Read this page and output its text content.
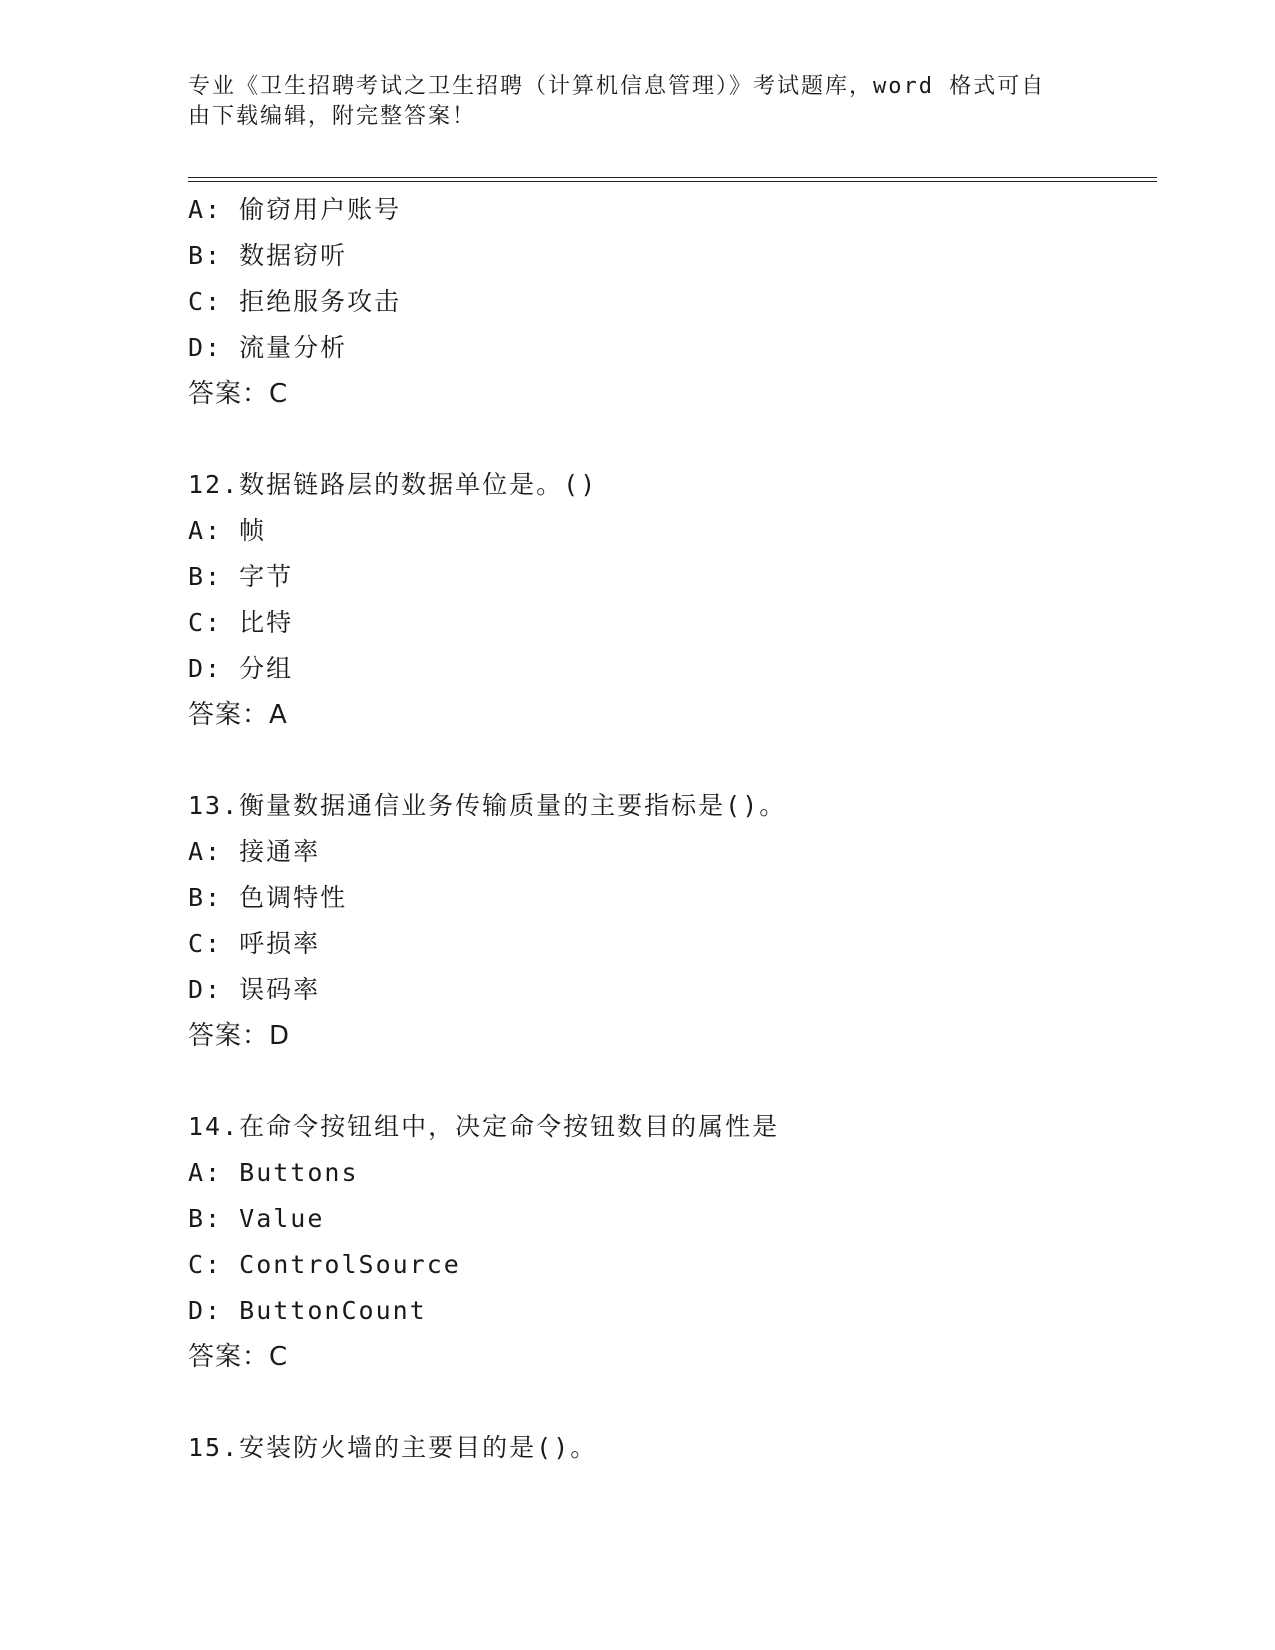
专业《卫生招聘考试之卫生招聘（计算机信息管理）》考试题库，word 格式可自

由下载编辑，附完整答案！

A: 偷窃用户账号
B: 数据窃听
C: 拒绝服务攻击
D: 流量分析
答案：C
12.数据链路层的数据单位是。()
A: 帧
B: 字节
C: 比特
D: 分组
答案：A
13.衡量数据通信业务传输质量的主要指标是()。
A: 接通率
B: 色调特性
C: 呼损率
D: 误码率
答案：D
14.在命令按钮组中，决定命令按钮数目的属性是
A: Buttons
B: Value
C: ControlSource
D: ButtonCount
答案：C
15.安装防火墙的主要目的是()。
